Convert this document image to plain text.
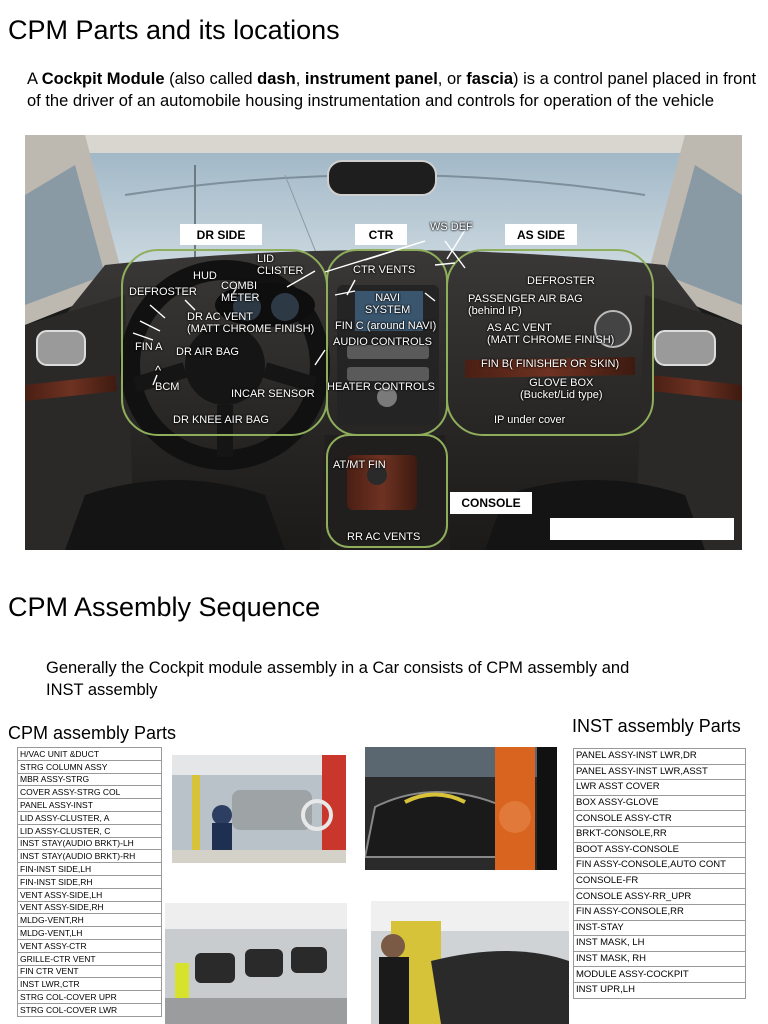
CPM Parts and its locations
A Cockpit Module (also called dash, instrument panel, or fascia) is a control panel placed in front of the driver of an automobile housing instrumentation and controls for operation of the vehicle
DR SIDE	CTR	AS SIDE
CONSOLE
WS DEF
LID
CLISTER
HUD
COMBI
METER
DEFROSTER
DR AC VENT
(MATT CHROME FINISH)
FIN A DR AIR BAG
^
BCM
INCAR SENSOR
DR KNEE AIR BAG
CTR VENTS
NAVI
SYSTEM
FIN C (around NAVI)
AUDIO CONTROLS
HEATER CONTROLS
AT/MT FIN
RR AC VENTS
DEFROSTER
PASSENGER AIR BAG
(behind IP)
AS AC VENT
(MATT CHROME FINISH)
FIN B( FINISHER OR SKIN)
GLOVE BOX
(Bucket/Lid type)
IP under cover
CPM Assembly Sequence
Generally the Cockpit module assembly in a Car consists of CPM assembly and INST assembly
CPM assembly Parts	INST assembly Parts
H/VAC UNIT &DUCT
STRG COLUMN ASSY
MBR ASSY-STRG
COVER ASSY-STRG COL
PANEL ASSY-INST
LID ASSY-CLUSTER, A
LID ASSY-CLUSTER, C
INST STAY(AUDIO BRKT)-LH
INST STAY(AUDIO BRKT)-RH
FIN-INST SIDE,LH
FIN-INST SIDE,RH
VENT ASSY-SIDE,LH
VENT ASSY-SIDE,RH
MLDG-VENT,RH
MLDG-VENT,LH
VENT ASSY-CTR
GRILLE-CTR VENT
FIN CTR VENT
INST LWR,CTR
STRG COL-COVER UPR
STRG COL-COVER LWR
PANEL ASSY-INST LWR,DR
PANEL ASSY-INST LWR,ASST
LWR ASST COVER
BOX ASSY-GLOVE
CONSOLE ASSY-CTR
BRKT-CONSOLE,RR
BOOT ASSY-CONSOLE
FIN ASSY-CONSOLE,AUTO CONT
CONSOLE-FR
CONSOLE ASSY-RR_UPR
FIN ASSY-CONSOLE,RR
INST-STAY
INST MASK, LH
INST MASK, RH
MODULE ASSY-COCKPIT
INST UPR,LH
